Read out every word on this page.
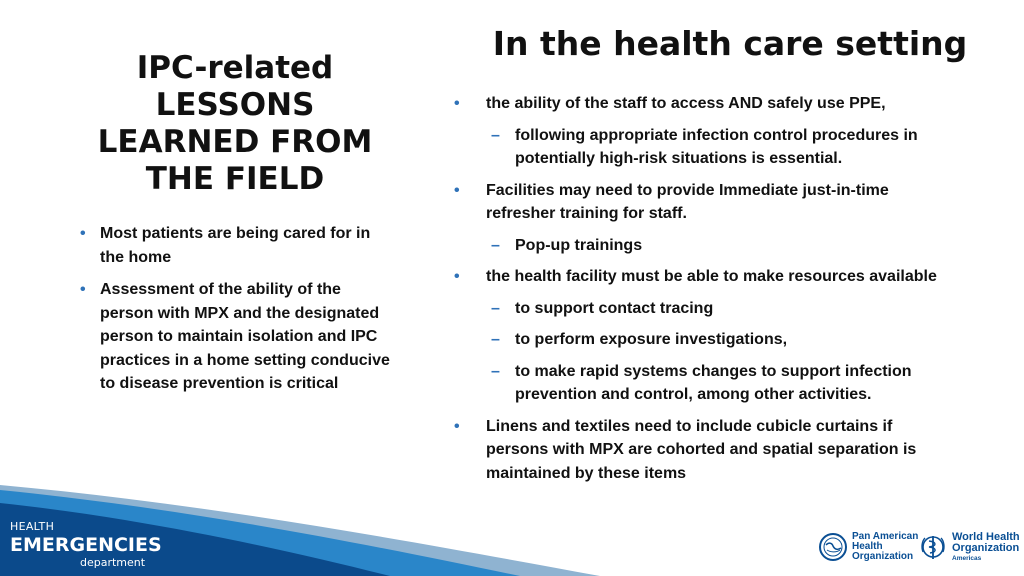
IPC-related
LESSONS
LEARNED FROM
THE FIELD
In the health care setting
• Most patients are being cared for in the home
• Assessment of the ability of the person with MPX and the designated person to maintain isolation and IPC practices in a home setting conducive to disease prevention is critical
• the ability of the staff to access AND safely use PPE,
– following appropriate infection control procedures in potentially high-risk situations is essential.
• Facilities may need to provide Immediate just-in-time refresher training for staff.
– Pop-up trainings
• the health facility must be able to make resources available
– to support contact tracing
– to perform exposure investigations,
– to make rapid systems changes to support infection prevention and control, among other activities.
• Linens and textiles need to include cubicle curtains if persons with MPX are cohorted and spatial separation is maintained by these items
HEALTH
EMERGENCIES
department
Pan American
Health
Organization
World Health
Organization
Americas
